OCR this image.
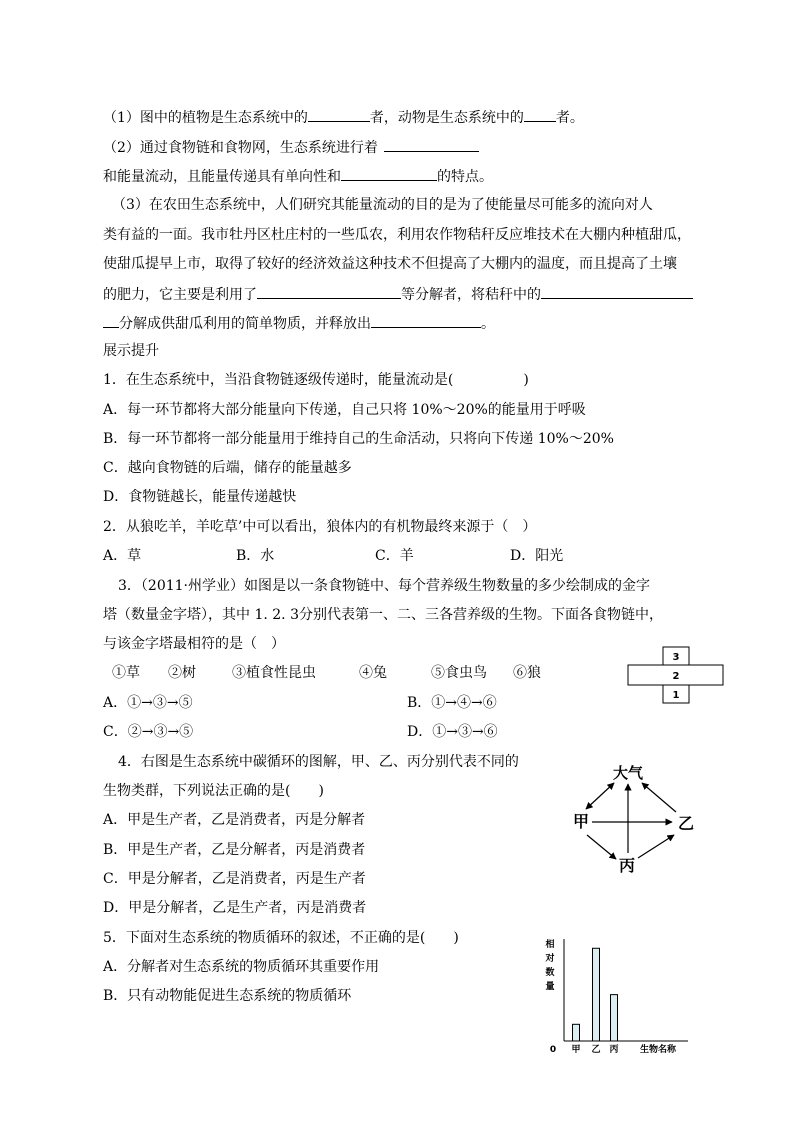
（1）图中的植物是生态系统中的	者，动物是生态系统中的 者。
（2）通过食物链和食物网，生态系统进行着
和能量流动，且能量传递具有单向性和	的特点。
（3）在农田生态系统中，人们研究其能量流动的目的是为了使能量尽可能多的流向对人
类有益的一面。我市牡丹区杜庄村的一些瓜农，利用农作物秸秆反应堆技术在大棚内种植甜瓜，
使甜瓜提早上市，取得了较好的经济效益这种技术不但提高了大棚内的温度，而且提高了土壤
的肥力，它主要是利用了	等分解者，将秸秆中的
分解成供甜瓜利用的简单物质，并释放出	。
展示提升
1．在生态系统中，当沿食物链逐级传递时，能量流动是(　　　　　)
A．每一环节都将大部分能量向下传递，自己只将 10%～20%的能量用于呼吸
B．每一环节都将一部分能量用于维持自己的生命活动，只将向下传递 10%～20%
C．越向食物链的后端，储存的能量越多
D．食物链越长，能量传递越快
2．从狼吃羊，羊吃草’中可以看出，狼体内的有机物最终来源于（　）
A．草	B．水	C．羊	D．阳光
3．（2011·州学业）如图是以一条食物链中、每个营养级生物数量的多少绘制成的金字
塔（数量金字塔），其中 1. 2. 3分别代表第一、二、三各营养级的生物。下面各食物链中，
与该金字塔最相符的是（　）
①草 ②树	③植食性昆虫	④兔	⑤食虫鸟 ⑥狼
A．①→③→⑤	B．①→④→⑥
C．②→③→⑤	D．①→③→⑥
3
2
1
4．右图是生态系统中碳循环的图解，甲、乙、丙分别代表不同的
生物类群，下列说法正确的是(　　)
A．甲是生产者，乙是消费者，丙是分解者
B．甲是生产者，乙是分解者，丙是消费者
C．甲是分解者，乙是消费者，丙是生产者
D．甲是分解者，乙是生产者，丙是消费者
大气
甲	乙
丙
5．下面对生态系统的物质循环的叙述，不正确的是(　　)
A．分解者对生态系统的物质循环其重要作用
B．只有动物能促进生态系统的物质循环
相对数量
甲 乙 丙
0	生物名称
